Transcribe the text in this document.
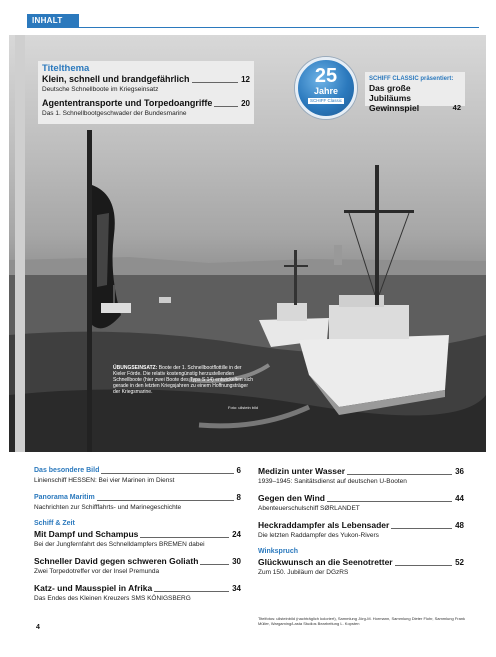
INHALT
Titelthema
Klein, schnell und brandgefährlich	12
Deutsche Schnellboote im Kriegseinsatz
Agententransporte und Torpedoangriffe	20
Das 1. Schnellbootgeschwader der Bundesmarine
25
Jahre
SCHIFF Classic
SCHIFF CLASSIC präsentiert:
Das große Jubiläums Gewinnspiel	42
ÜBUNGSEINSATZ: Boote der 1. Schnellbootflottille in der Kieler Förde. Die relativ kostengünstig herzustellenden Schnellboote (hier zwei Boote des Typs S 14) entwickelten sich gerade in den letzten Kriegsjahren zu einem Hoffnungsträger der Kriegsmarine.
Foto: ullstein bild
Das besondere Bild	6
Linienschiff HESSEN: Bei vier Marinen im Dienst
Panorama Maritim	8
Nachrichten zur Schifffahrts- und Marinegeschichte
Schiff & Zeit
Mit Dampf und Schampus	24
Bei der Jungfernfahrt des Schnelldampfers BREMEN dabei
Schneller David gegen schweren Goliath	30
Zwei Torpedotreffer vor der Insel Premunda
Katz- und Mausspiel in Afrika	34
Das Endes des Kleinen Kreuzers SMS KÖNIGSBERG
Medizin unter Wasser	36
1939–1945: Sanitätsdienst auf deutschen U-Booten
Gegen den Wind	44
Abenteuerschulschiff SØRLANDET
Heckraddampfer als Lebensader	48
Die letzten Raddampfer des Yukon-Rivers
Winkspruch
Glückwunsch an die Seenotretter	52
Zum 150. Jubiläum der DGzRS
Titelfotos: ullsteinbild (nachträglich koloriert), Sammlung Jörg-M. Hormann, Sammlung Dieter Flohr, Sammlung Frank Müller, Wargaming/Lasta Studios Bearbeitung L. Kopsten
4
